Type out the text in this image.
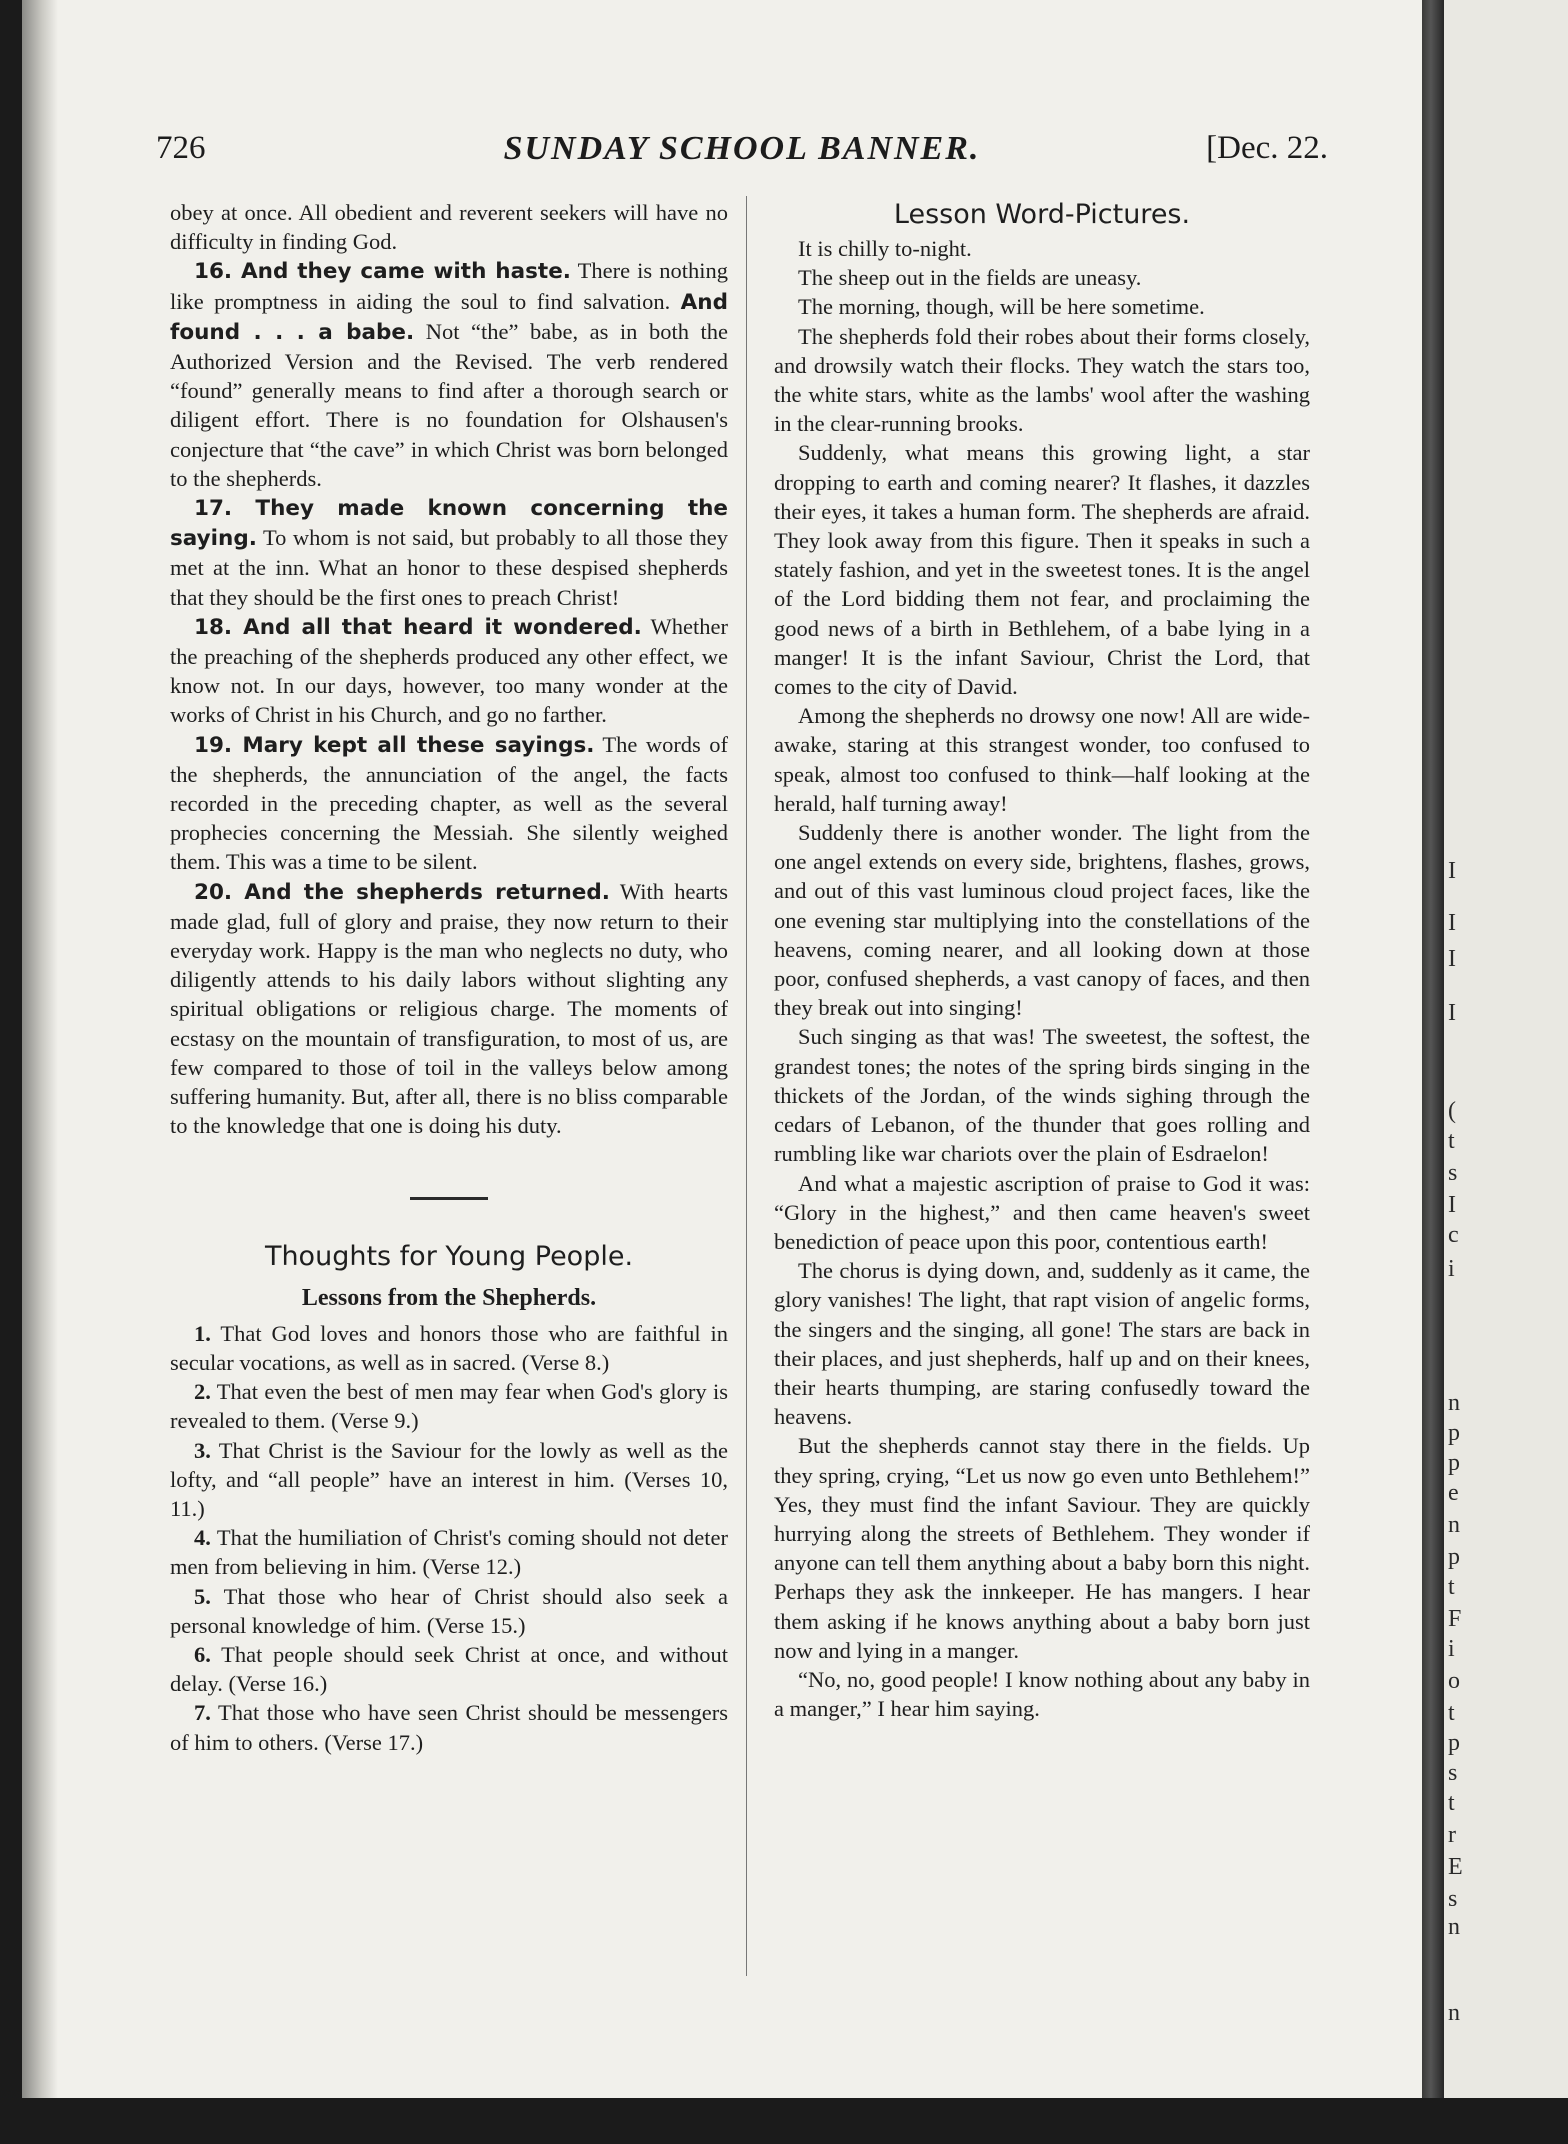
726	SUNDAY SCHOOL BANNER.	[Dec. 22.

obey at once. All obedient and reverent seekers will have no difficulty in finding God.

16. And they came with haste. There is nothing like promptness in aiding the soul to find salvation. And found . . . a babe. Not “the” babe, as in both the Authorized Version and the Revised. The verb rendered “found” generally means to find after a thorough search or diligent effort. There is no foundation for Olshausen's conjecture that “the cave” in which Christ was born belonged to the shepherds.

17. They made known concerning the saying. To whom is not said, but probably to all those they met at the inn. What an honor to these despised shepherds that they should be the first ones to preach Christ!

18. And all that heard it wondered. Whether the preaching of the shepherds produced any other effect, we know not. In our days, however, too many wonder at the works of Christ in his Church, and go no farther.

19. Mary kept all these sayings. The words of the shepherds, the annunciation of the angel, the facts recorded in the preceding chapter, as well as the several prophecies concerning the Messiah. She silently weighed them. This was a time to be silent.

20. And the shepherds returned. With hearts made glad, full of glory and praise, they now return to their everyday work. Happy is the man who neglects no duty, who diligently attends to his daily labors without slighting any spiritual obligations or religious charge. The moments of ecstasy on the mountain of transfiguration, to most of us, are few compared to those of toil in the valleys below among suffering humanity. But, after all, there is no bliss comparable to the knowledge that one is doing his duty.

Thoughts for Young People.

Lessons from the Shepherds.

1. That God loves and honors those who are faithful in secular vocations, as well as in sacred. (Verse 8.)

2. That even the best of men may fear when God's glory is revealed to them. (Verse 9.)

3. That Christ is the Saviour for the lowly as well as the lofty, and “all people” have an interest in him. (Verses 10, 11.)

4. That the humiliation of Christ's coming should not deter men from believing in him. (Verse 12.)

5. That those who hear of Christ should also seek a personal knowledge of him. (Verse 15.)

6. That people should seek Christ at once, and without delay. (Verse 16.)

7. That those who have seen Christ should be messengers of him to others. (Verse 17.)

Lesson Word-Pictures.

It is chilly to-night.

The sheep out in the fields are uneasy.

The morning, though, will be here sometime.

The shepherds fold their robes about their forms closely, and drowsily watch their flocks. They watch the stars too, the white stars, white as the lambs' wool after the washing in the clear-running brooks.

Suddenly, what means this growing light, a star dropping to earth and coming nearer? It flashes, it dazzles their eyes, it takes a human form. The shepherds are afraid. They look away from this figure. Then it speaks in such a stately fashion, and yet in the sweetest tones. It is the angel of the Lord bidding them not fear, and proclaiming the good news of a birth in Bethlehem, of a babe lying in a manger! It is the infant Saviour, Christ the Lord, that comes to the city of David.

Among the shepherds no drowsy one now! All are wide-awake, staring at this strangest wonder, too confused to speak, almost too confused to think—half looking at the herald, half turning away!

Suddenly there is another wonder. The light from the one angel extends on every side, brightens, flashes, grows, and out of this vast luminous cloud project faces, like the one evening star multiplying into the constellations of the heavens, coming nearer, and all looking down at those poor, confused shepherds, a vast canopy of faces, and then they break out into singing!

Such singing as that was! The sweetest, the softest, the grandest tones; the notes of the spring birds singing in the thickets of the Jordan, of the winds sighing through the cedars of Lebanon, of the thunder that goes rolling and rumbling like war chariots over the plain of Esdraelon!

And what a majestic ascription of praise to God it was: “Glory in the highest,” and then came heaven's sweet benediction of peace upon this poor, contentious earth!

The chorus is dying down, and, suddenly as it came, the glory vanishes! The light, that rapt vision of angelic forms, the singers and the singing, all gone! The stars are back in their places, and just shepherds, half up and on their knees, their hearts thumping, are staring confusedly toward the heavens.

But the shepherds cannot stay there in the fields. Up they spring, crying, “Let us now go even unto Bethlehem!” Yes, they must find the infant Saviour. They are quickly hurrying along the streets of Bethlehem. They wonder if anyone can tell them anything about a baby born this night. Perhaps they ask the innkeeper. He has mangers. I hear them asking if he knows anything about a baby born just now and lying in a manger.

“No, no, good people! I know nothing about any baby in a manger,” I hear him saying.

I
I
I
I
(
t
s
I
c
i
n
p
p
e
n
p
t
F
i
o
t
p
s
t
r
E
s
n
n
